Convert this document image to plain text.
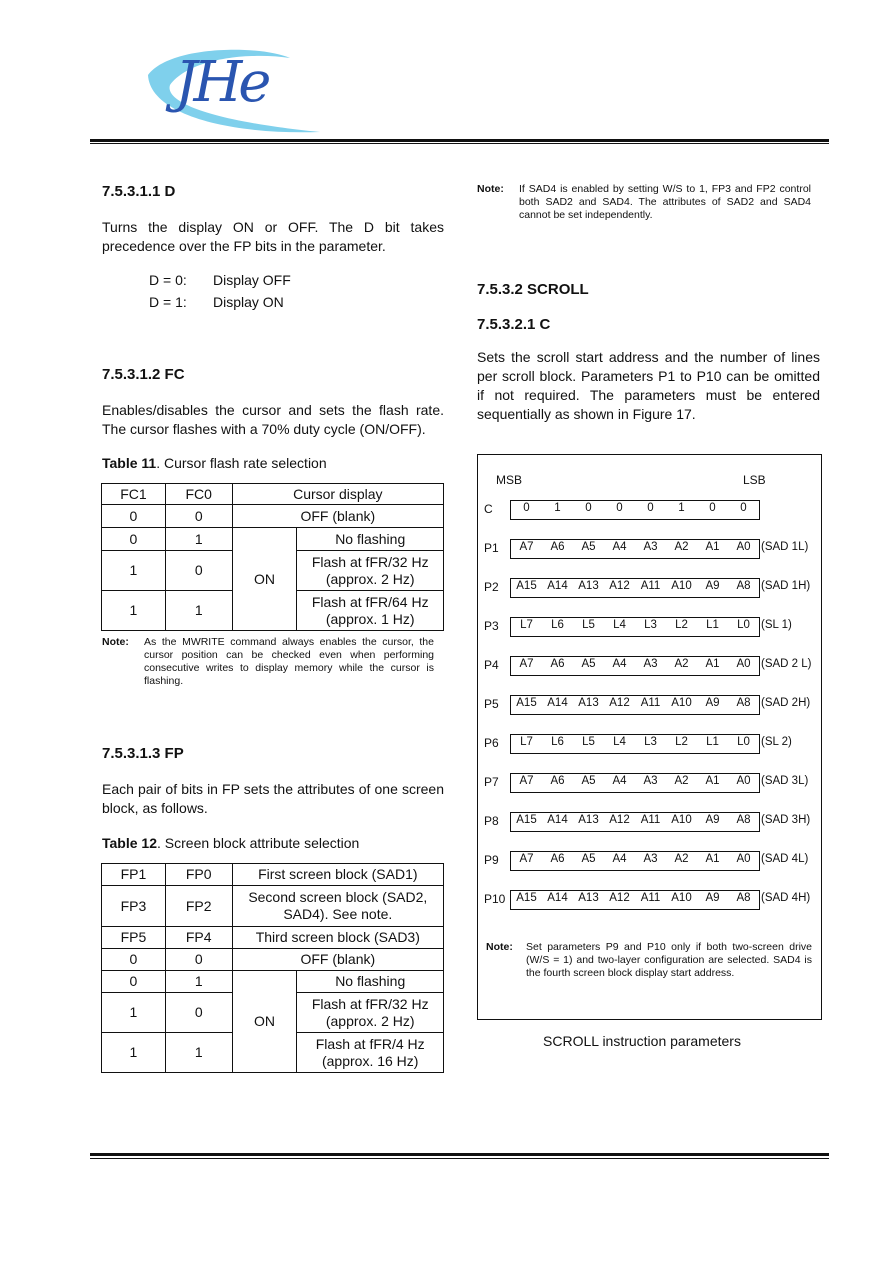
JHe
7.5.3.1.1 D

Turns the display ON or OFF. The D bit takes precedence over the FP bits in the parameter.

D = 0: Display OFF
D = 1: Display ON
7.5.3.1.2 FC

Enables/disables the cursor and sets the flash rate. The cursor flashes with a 70% duty cycle (ON/OFF).

Table 11. Cursor flash rate selection
FC1	FC0	Cursor display	
0	0	OFF (blank)	
0	1	ON	No flashing
1	0		Flash at fFR/32 Hz (approx. 2 Hz)
1	1		Flash at fFR/64 Hz (approx. 1 Hz)
Note: As the MWRITE command always enables the cursor, the cursor position can be checked even when performing consecutive writes to display memory while the cursor is flashing.
7.5.3.1.3 FP

Each pair of bits in FP sets the attributes of one screen block, as follows.

Table 12. Screen block attribute selection
FP1	FP0	First screen block (SAD1)	
FP3	FP2	Second screen block (SAD2, SAD4). See note.	
FP5	FP4	Third screen block (SAD3)	
0	0	OFF (blank)	
0	1	ON	No flashing
1	0		Flash at fFR/32 Hz (approx. 2 Hz)
1	1		Flash at fFR/4 Hz (approx. 16 Hz)
Note: If SAD4 is enabled by setting W/S to 1, FP3 and FP2 control both SAD2 and SAD4. The attributes of SAD2 and SAD4 cannot be set independently.
7.5.3.2 SCROLL
7.5.3.2.1 C

Sets the scroll start address and the number of lines per scroll block. Parameters P1 to P10 can be omitted if not required. The parameters must be entered sequentially as shown in Figure 17.

MSB	LSB
C	0	1	0	0	0	1	0	0
P1	A7	A6	A5	A4	A3	A2	A1	A0 (SAD 1L)
P2	A15 A14 A13 A12 A11 A10	A9	A8 (SAD 1H)
P3	L7	L6	L5	L4	L3	L2	L1	L0 (SL 1)
P4	A7	A6	A5	A4	A3	A2	A1	A0 (SAD 2 L)
P5	A15 A14 A13 A12 A11 A10	A9	A8 (SAD 2H)
P6	L7	L6	L5	L4	L3	L2	L1	L0 (SL 2)
P7	A7	A6	A5	A4	A3	A2	A1	A0 (SAD 3L)
P8	A15 A14 A13 A12 A11 A10	A9	A8 (SAD 3H)
P9	A7	A6	A5	A4	A3	A2	A1	A0 (SAD 4L)
P10 A15 A14 A13 A12 A11 A10	A9	A8 (SAD 4H)
Note: Set parameters P9 and P10 only if both two-screen drive (W/S = 1) and two-layer configuration are selected. SAD4 is the fourth screen block display start address.
SCROLL instruction parameters
